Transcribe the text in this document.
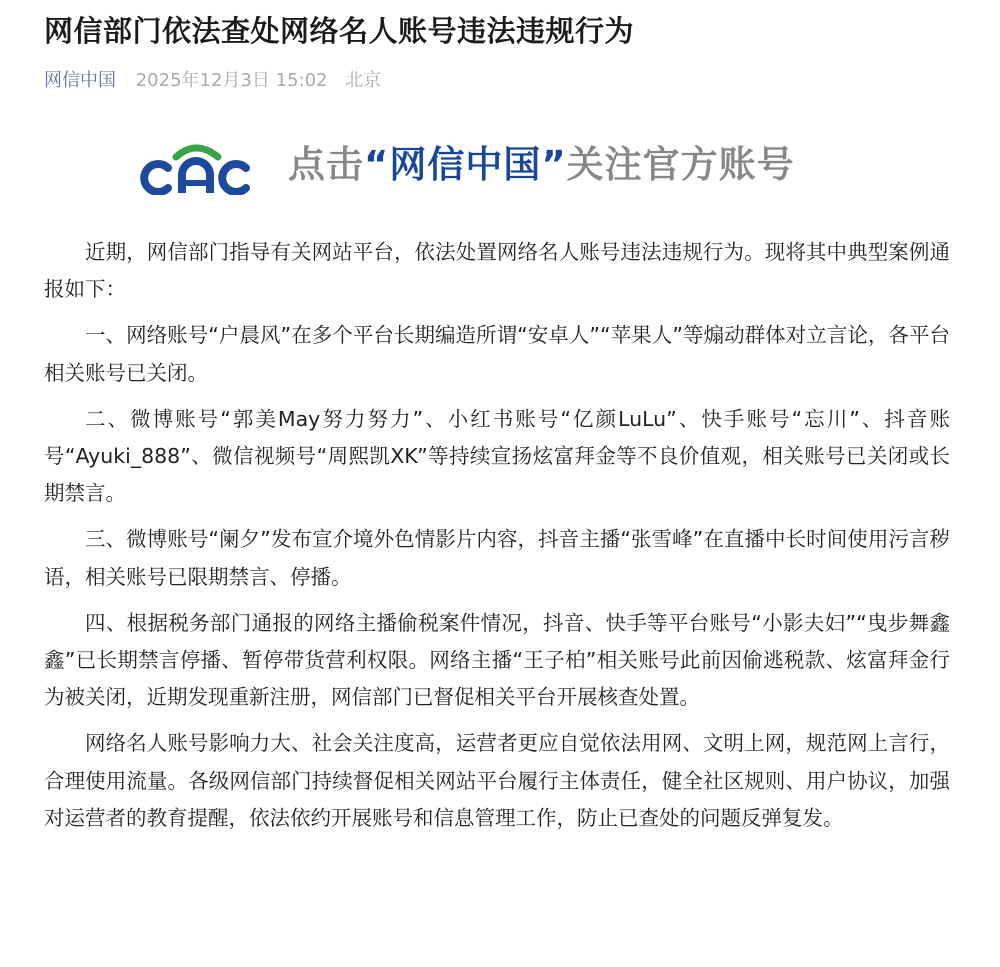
网信部门依法查处网络名人账号违法违规行为
网信中国 2025年12月3日 15:02 北京
点击“网信中国”关注官方账号

近期，网信部门指导有关网站平台，依法处置网络名人账号违法违规行为。现将其中典型案例通报如下：

一、网络账号“户晨风”在多个平台长期编造所谓“安卓人”“苹果人”等煽动群体对立言论，各平台相关账号已关闭。

二、微博账号“郭美May努力努力”、小红书账号“亿颜LuLu”、快手账号“忘川”、抖音账号“Ayuki_888”、微信视频号“周熙凯XK”等持续宣扬炫富拜金等不良价值观，相关账号已关闭或长期禁言。

三、微博账号“阑夕”发布宣介境外色情影片内容，抖音主播“张雪峰”在直播中长时间使用污言秽语，相关账号已限期禁言、停播。

四、根据税务部门通报的网络主播偷税案件情况，抖音、快手等平台账号“小影夫妇”“曳步舞鑫鑫”已长期禁言停播、暂停带货营利权限。网络主播“王子柏”相关账号此前因偷逃税款、炫富拜金行为被关闭，近期发现重新注册，网信部门已督促相关平台开展核查处置。

网络名人账号影响力大、社会关注度高，运营者更应自觉依法用网、文明上网，规范网上言行，合理使用流量。各级网信部门持续督促相关网站平台履行主体责任，健全社区规则、用户协议，加强对运营者的教育提醒，依法依约开展账号和信息管理工作，防止已查处的问题反弹复发。
